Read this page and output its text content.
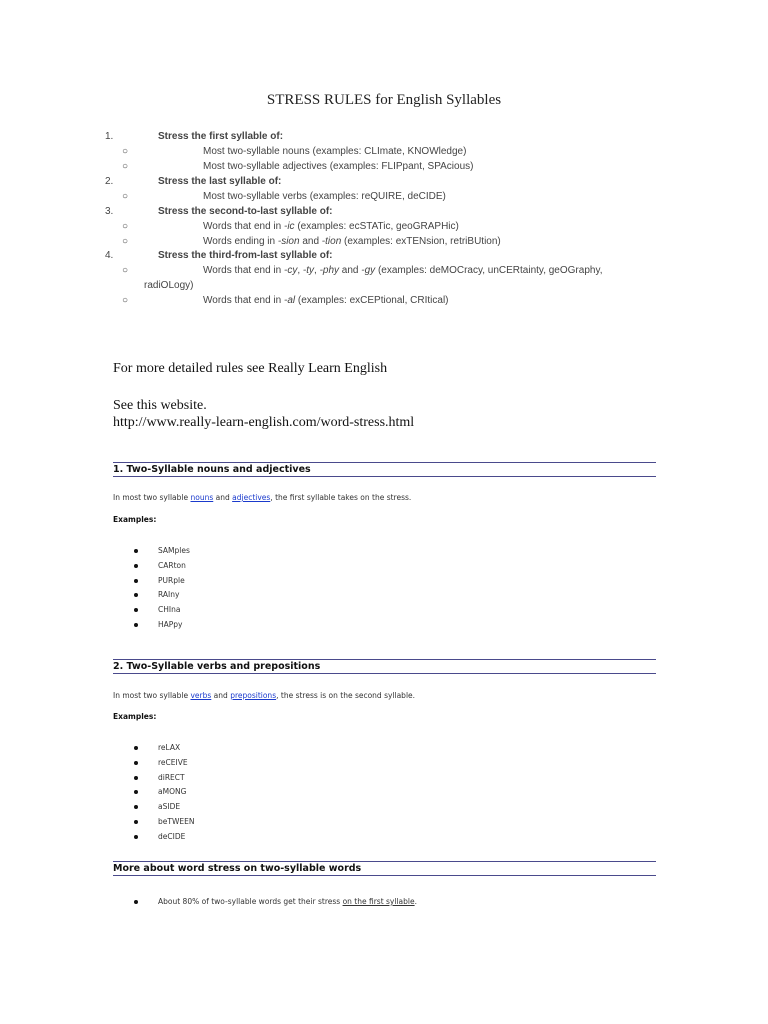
STRESS RULES for English Syllables
1.	Stress the first syllable of:
○	Most two-syllable nouns (examples: CLImate, KNOWledge)
○	Most two-syllable adjectives (examples: FLIPpant, SPAcious)
2.	Stress the last syllable of:
○	Most two-syllable verbs (examples: reQUIRE, deCIDE)
3.	Stress the second-to-last syllable of:
○	Words that end in -ic (examples: ecSTATic, geoGRAPHic)
○	Words ending in -sion and -tion (examples: exTENsion, retriBUtion)
4.	Stress the third-from-last syllable of:
○	Words that end in -cy, -ty, -phy and -gy (examples: deMOCracy, unCERtainty, geOGraphy,
radiOLogy)
○	Words that end in -al (examples: exCEPtional, CRItical)
For more detailed rules see Really Learn English
See this website.
http://www.really-learn-english.com/word-stress.html
1. Two-Syllable nouns and adjectives
In most two syllable nouns and adjectives, the first syllable takes on the stress.
Examples:
SAMples
CARton
PURple
RAIny
CHIna
HAPpy
2. Two-Syllable verbs and prepositions
In most two syllable verbs and prepositions, the stress is on the second syllable.
Examples:
reLAX
reCEIVE
diRECT
aMONG
aSIDE
beTWEEN
deCIDE
More about word stress on two-syllable words
About 80% of two-syllable words get their stress on the first syllable.
